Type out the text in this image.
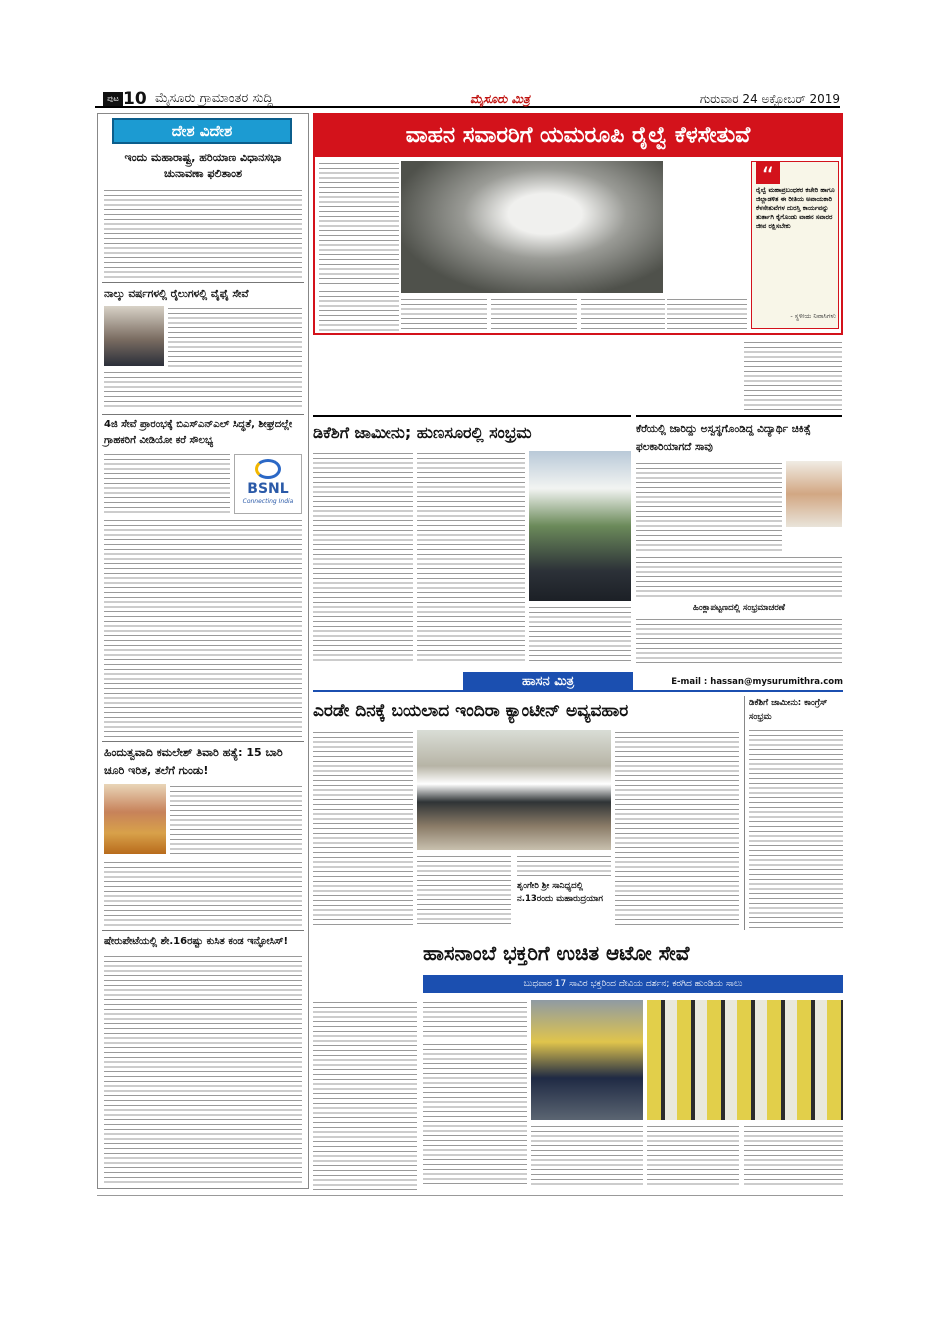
ಪುಟ 10 ಮೈಸೂರು ಗ್ರಾಮಾಂತರ ಸುದ್ದಿ	ಮೈಸೂರು ಮಿತ್ರ	ಗುರುವಾರ 24 ಅಕ್ಟೋಬರ್ 2019
ದೇಶ ವಿದೇಶ
ಇಂದು ಮಹಾರಾಷ್ಟ್ರ, ಹರಿಯಾಣ ವಿಧಾನಸಭಾ ಚುನಾವಣಾ ಫಲಿತಾಂಶ
ನಾಲ್ಕು ವರ್ಷಗಳಲ್ಲಿ ರೈಲುಗಳಲ್ಲಿ ವೈಫೈ ಸೇವೆ
4ಜಿ ಸೇವೆ ಪ್ರಾರಂಭಕ್ಕೆ ಬಿಎಸ್‌ಎನ್‌ಎಲ್ ಸಿದ್ಧತೆ, ಶೀಘ್ರದಲ್ಲೇ ಗ್ರಾಹಕರಿಗೆ ವೀಡಿಯೋ ಕರೆ ಸೌಲಭ್ಯ
BSNL
Connecting India
ಹಿಂದುತ್ವವಾದಿ ಕಮಲೇಶ್ ತಿವಾರಿ ಹತ್ಯೆ: 15 ಬಾರಿ ಚೂರಿ ಇರಿತ, ತಲೆಗೆ ಗುಂಡು!
ಷೇರುಪೇಟೆಯಲ್ಲಿ ಶೇ.16ರಷ್ಟು ಕುಸಿತ ಕಂಡ ಇನ್ಫೋಸಿಸ್!
ವಾಹನ ಸವಾರರಿಗೆ ಯಮರೂಪಿ ರೈಲ್ವೆ ಕೆಳಸೇತುವೆ
“
ರೈಲ್ವೆ ಮಹಾಪ್ರಬಂಧಕರ ಕಚೇರಿ ಹಾಗೂ ಜಿಲ್ಲಾಡಳಿತ ಈ ರೀತಿಯ ಅಪಾಯಕಾರಿ ಕೆಳಸೇತುವೆಗಳ ದುರಸ್ತಿ ಕಾರ್ಯವನ್ನು ತುರ್ತಾಗಿ ಕೈಗೊಂಡು ವಾಹನ ಸವಾರರ ಜೀವ ರಕ್ಷಿಸಬೇಕು
- ಸ್ಥಳೀಯ ನಿವಾಸಿಗಳು
ಡಿಕೆಶಿಗೆ ಜಾಮೀನು; ಹುಣಸೂರಲ್ಲಿ ಸಂಭ್ರಮ	ಕೆರೆಯಲ್ಲಿ ಜಾರಿದ್ದು ಅಸ್ವಸ್ಥಗೊಂಡಿದ್ದ ವಿದ್ಯಾರ್ಥಿ ಚಿಕಿತ್ಸೆ ಫಲಕಾರಿಯಾಗದೆ ಸಾವು
ಹಿಂಕ್ಲಾಪಟ್ಟಣದಲ್ಲಿ ಸಂಭ್ರಮಾಚರಣೆ
ಹಾಸನ ಮಿತ್ರ	E-mail : hassan@mysurumithra.com
ಎರಡೇ ದಿನಕ್ಕೆ ಬಯಲಾದ ಇಂದಿರಾ ಕ್ಯಾಂಟೀನ್ ಅವ್ಯವಹಾರ
ಶೃಂಗೇರಿ ಶ್ರೀ ಸಾನಿಧ್ಯದಲ್ಲಿ ನ.13ರಂದು ಮಹಾರುದ್ರಯಾಗ
ಡಿಕೆಶಿಗೆ ಜಾಮೀನು: ಕಾಂಗ್ರೆಸ್ ಸಂಭ್ರಮ
ಹಾಸನಾಂಬೆ ಭಕ್ತರಿಗೆ ಉಚಿತ ಆಟೋ ಸೇವೆ
ಬುಧವಾರ 17 ಸಾವಿರ ಭಕ್ತರಿಂದ ದೇವಿಯ ದರ್ಶನ; ಕರಗಿದ ಹುಂಡಿಯ ಸಾಲು
